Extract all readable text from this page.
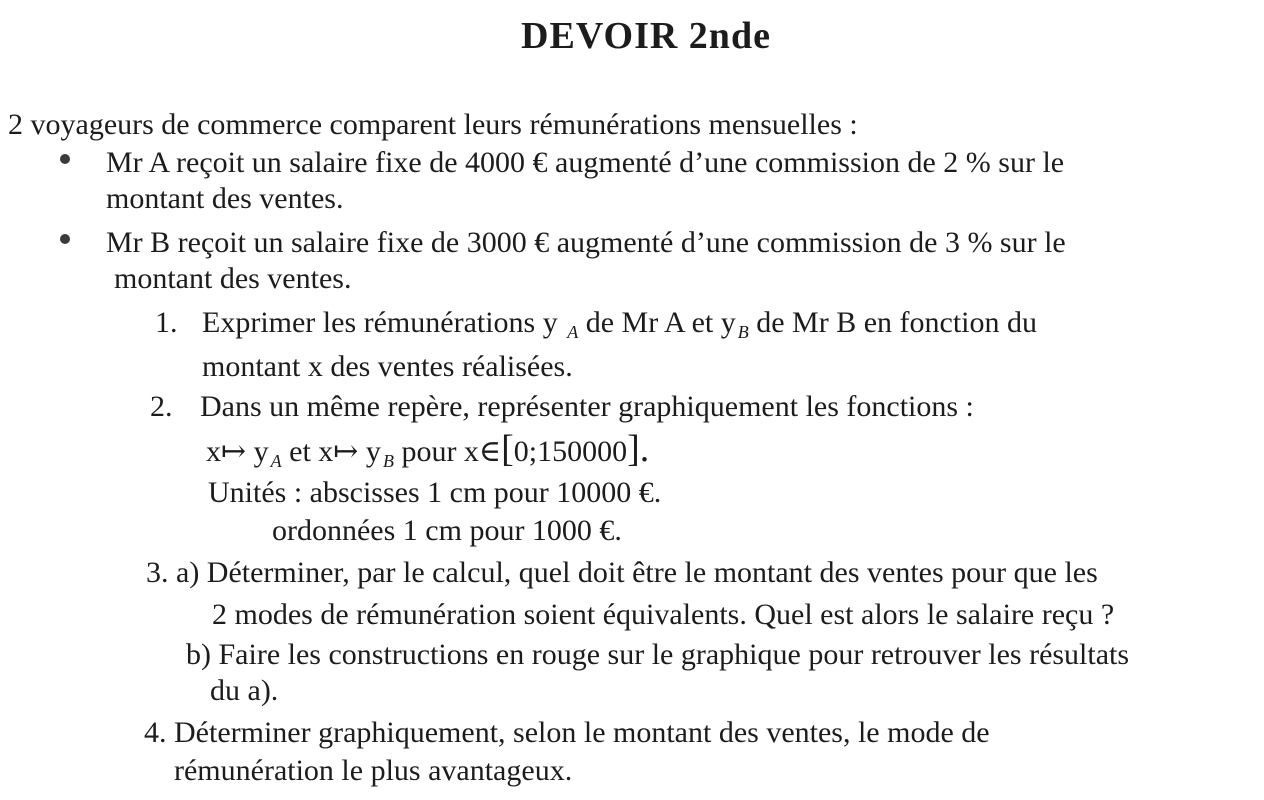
DEVOIR 2nde
2 voyageurs de commerce comparent leurs rémunérations mensuelles :
Mr A reçoit un salaire fixe de 4000 € augmenté d’une commission de 2 % sur le
montant des ventes.
Mr B reçoit un salaire fixe de 3000 € augmenté d’une commission de 3 % sur le
montant des ventes.
1. Exprimer les rémunérations y $_A$ de Mr A et y $_B$ de Mr B en fonction du
montant x des ventes réalisées.
2. Dans un même repère, représenter graphiquement les fonctions :
x↦ y $_A$ et x↦ y $_B$ pour x∈[0;150000].
Unités : abscisses 1 cm pour 10000 €.
ordonnées 1 cm pour 1000 €.
3. a) Déterminer, par le calcul, quel doit être le montant des ventes pour que les
2 modes de rémunération soient équivalents. Quel est alors le salaire reçu ?
b) Faire les constructions en rouge sur le graphique pour retrouver les résultats
du a).
4. Déterminer graphiquement, selon le montant des ventes, le mode de
rémunération le plus avantageux.
